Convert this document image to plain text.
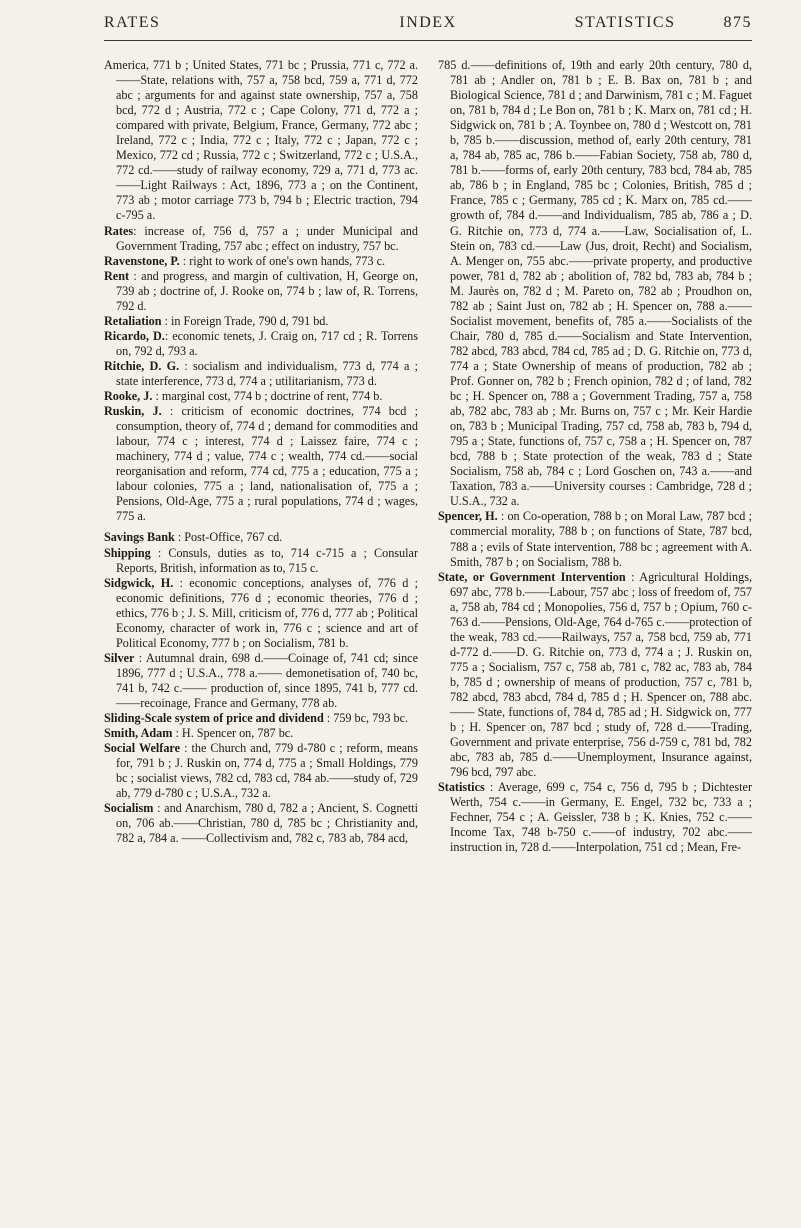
RATES	INDEX	STATISTICS	875

America, 771 b ; United States, 771 bc ; Prussia, 771 c, 772 a.——State, relations with, 757 a, 758 bcd, 759 a, 771 d, 772 abc ; arguments for and against state ownership, 757 a, 758 bcd, 772 d ; Austria, 772 c ; Cape Colony, 771 d, 772 a ; compared with private, Belgium, France, Germany, 772 abc ; Ireland, 772 c ; India, 772 c ; Italy, 772 c ; Japan, 772 c ; Mexico, 772 cd ; Russia, 772 c ; Switzerland, 772 c ; U.S.A., 772 cd.——study of railway economy, 729 a, 771 d, 773 ac.——Light Railways : Act, 1896, 773 a ; on the Continent, 773 ab ; motor carriage 773 b, 794 b ; Electric traction, 794 c-795 a.

Rates: increase of, 756 d, 757 a ; under Municipal and Government Trading, 757 abc ; effect on industry, 757 bc.

Ravenstone, P. : right to work of one's own hands, 773 c.

Rent : and progress, and margin of cultivation, H, George on, 739 ab ; doctrine of, J. Rooke on, 774 b ; law of, R. Torrens, 792 d.

Retaliation : in Foreign Trade, 790 d, 791 bd.

Ricardo, D.: economic tenets, J. Craig on, 717 cd ; R. Torrens on, 792 d, 793 a.

Ritchie, D. G. : socialism and individualism, 773 d, 774 a ; state interference, 773 d, 774 a ; utilitarianism, 773 d.

Rooke, J. : marginal cost, 774 b ; doctrine of rent, 774 b.

Ruskin, J. : criticism of economic doctrines, 774 bcd ; consumption, theory of, 774 d ; demand for commodities and labour, 774 c ; interest, 774 d ; Laissez faire, 774 c ; machinery, 774 d ; value, 774 c ; wealth, 774 cd.——social reorganisation and reform, 774 cd, 775 a ; education, 775 a ; labour colonies, 775 a ; land, nationalisation of, 775 a ; Pensions, Old-Age, 775 a ; rural populations, 774 d ; wages, 775 a.

Savings Bank : Post-Office, 767 cd.

Shipping : Consuls, duties as to, 714 c-715 a ; Consular Reports, British, information as to, 715 c.

Sidgwick, H. : economic conceptions, analyses of, 776 d ; economic definitions, 776 d ; economic theories, 776 d ; ethics, 776 b ; J. S. Mill, criticism of, 776 d, 777 ab ; Political Economy, character of work in, 776 c ; science and art of Political Economy, 777 b ; on Socialism, 781 b.

Silver : Autumnal drain, 698 d.——Coinage of, 741 cd; since 1896, 777 d ; U.S.A., 778 a.—— demonetisation of, 740 bc, 741 b, 742 c.—— production of, since 1895, 741 b, 777 cd.——recoinage, France and Germany, 778 ab.

Sliding-Scale system of price and dividend : 759 bc, 793 bc.

Smith, Adam : H. Spencer on, 787 bc.

Social Welfare : the Church and, 779 d-780 c ; reform, means for, 791 b ; J. Ruskin on, 774 d, 775 a ; Small Holdings, 779 bc ; socialist views, 782 cd, 783 cd, 784 ab.——study of, 729 ab, 779 d-780 c ; U.S.A., 732 a.

Socialism : and Anarchism, 780 d, 782 a ; Ancient, S. Cognetti on, 706 ab.——Christian, 780 d, 785 bc ; Christianity and, 782 a, 784 a. ——Collectivism and, 782 c, 783 ab, 784 acd,

785 d.——definitions of, 19th and early 20th century, 780 d, 781 ab ; Andler on, 781 b ; E. B. Bax on, 781 b ; and Biological Science, 781 d ; and Darwinism, 781 c ; M. Faguet on, 781 b, 784 d ; Le Bon on, 781 b ; K. Marx on, 781 cd ; H. Sidgwick on, 781 b ; A. Toynbee on, 780 d ; Westcott on, 781 b, 785 b.——discussion, method of, early 20th century, 781 a, 784 ab, 785 ac, 786 b.——Fabian Society, 758 ab, 780 d, 781 b.——forms of, early 20th century, 783 bcd, 784 ab, 785 ab, 786 b ; in England, 785 bc ; Colonies, British, 785 d ; France, 785 c ; Germany, 785 cd ; K. Marx on, 785 cd.——growth of, 784 d.——and Individualism, 785 ab, 786 a ; D. G. Ritchie on, 773 d, 774 a.——Law, Socialisation of, L. Stein on, 783 cd.——Law (Jus, droit, Recht) and Socialism, A. Menger on, 755 abc.——private property, and productive power, 781 d, 782 ab ; abolition of, 782 bd, 783 ab, 784 b ; M. Jaurès on, 782 d ; M. Pareto on, 782 ab ; Proudhon on, 782 ab ; Saint Just on, 782 ab ; H. Spencer on, 788 a.——Socialist movement, benefits of, 785 a.——Socialists of the Chair, 780 d, 785 d.——Socialism and State Intervention, 782 abcd, 783 abcd, 784 cd, 785 ad ; D. G. Ritchie on, 773 d, 774 a ; State Ownership of means of production, 782 ab ; Prof. Gonner on, 782 b ; French opinion, 782 d ; of land, 782 bc ; H. Spencer on, 788 a ; Government Trading, 757 a, 758 ab, 782 abc, 783 ab ; Mr. Burns on, 757 c ; Mr. Keir Hardie on, 783 b ; Municipal Trading, 757 cd, 758 ab, 783 b, 794 d, 795 a ; State, functions of, 757 c, 758 a ; H. Spencer on, 787 bcd, 788 b ; State protection of the weak, 783 d ; State Socialism, 758 ab, 784 c ; Lord Goschen on, 743 a.——and Taxation, 783 a.——University courses : Cambridge, 728 d ; U.S.A., 732 a.

Spencer, H. : on Co-operation, 788 b ; on Moral Law, 787 bcd ; commercial morality, 788 b ; on functions of State, 787 bcd, 788 a ; evils of State intervention, 788 bc ; agreement with A. Smith, 787 b ; on Socialism, 788 b.

State, or Government Intervention : Agricultural Holdings, 697 abc, 778 b.——Labour, 757 abc ; loss of freedom of, 757 a, 758 ab, 784 cd ; Monopolies, 756 d, 757 b ; Opium, 760 c-763 d.——Pensions, Old-Age, 764 d-765 c.——protection of the weak, 783 cd.——Railways, 757 a, 758 bcd, 759 ab, 771 d-772 d.——D. G. Ritchie on, 773 d, 774 a ; J. Ruskin on, 775 a ; Socialism, 757 c, 758 ab, 781 c, 782 ac, 783 ab, 784 b, 785 d ; ownership of means of production, 757 c, 781 b, 782 abcd, 783 abcd, 784 d, 785 d ; H. Spencer on, 788 abc.—— State, functions of, 784 d, 785 ad ; H. Sidgwick on, 777 b ; H. Spencer on, 787 bcd ; study of, 728 d.——Trading, Government and private enterprise, 756 d-759 c, 781 bd, 782 abc, 783 ab, 785 d.——Unemployment, Insurance against, 796 bcd, 797 abc.

Statistics : Average, 699 c, 754 c, 756 d, 795 b ; Dichtester Werth, 754 c.——in Germany, E. Engel, 732 bc, 733 a ; Fechner, 754 c ; A. Geissler, 738 b ; K. Knies, 752 c.——Income Tax, 748 b-750 c.——of industry, 702 abc.——instruction in, 728 d.——Interpolation, 751 cd ; Mean, Fre-
